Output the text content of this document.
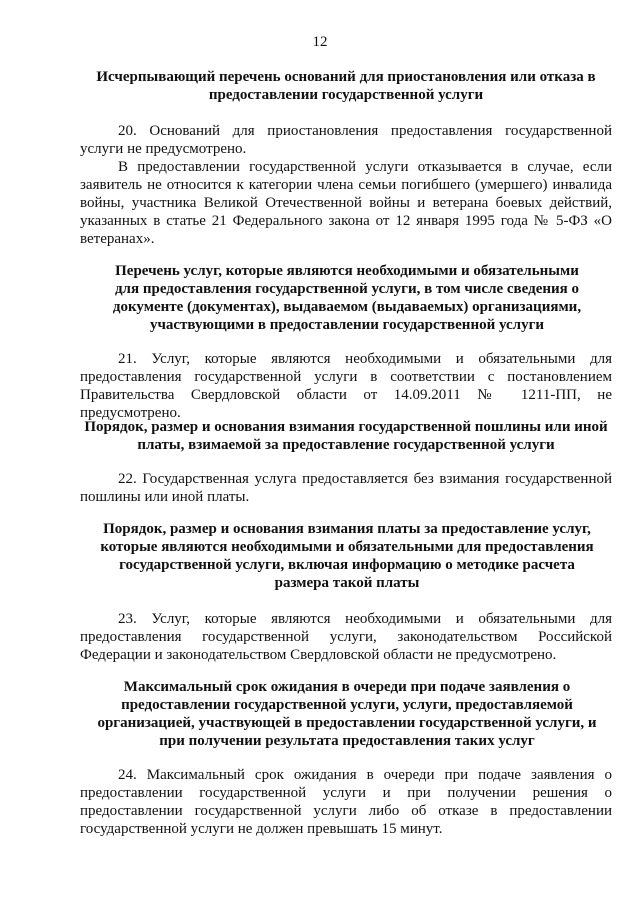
12
Исчерпывающий перечень оснований для приостановления или отказа в предоставлении государственной услуги

20. Оснований для приостановления предоставления государственной услуги не предусмотрено.

В предоставлении государственной услуги отказывается в случае, если заявитель не относится к категории члена семьи погибшего (умершего) инвалида войны, участника Великой Отечественной войны и ветерана боевых действий, указанных в статье 21 Федерального закона от 12 января 1995 года № 5-ФЗ «О ветеранах».

Перечень услуг, которые являются необходимыми и обязательными для предоставления государственной услуги, в том числе сведения о документе (документах), выдаваемом (выдаваемых) организациями, участвующими в предоставлении государственной услуги

21. Услуг, которые являются необходимыми и обязательными для предоставления государственной услуги в соответствии с постановлением Правительства Свердловской области от 14.09.2011 № 1211-ПП, не предусмотрено.

Порядок, размер и основания взимания государственной пошлины или иной платы, взимаемой за предоставление государственной услуги

22. Государственная услуга предоставляется без взимания государственной пошлины или иной платы.

Порядок, размер и основания взимания платы за предоставление услуг, которые являются необходимыми и обязательными для предоставления государственной услуги, включая информацию о методике расчета размера такой платы

23. Услуг, которые являются необходимыми и обязательными для предоставления государственной услуги, законодательством Российской Федерации и законодательством Свердловской области не предусмотрено.

Максимальный срок ожидания в очереди при подаче заявления о предоставлении государственной услуги, услуги, предоставляемой организацией, участвующей в предоставлении государственной услуги, и при получении результата предоставления таких услуг

24. Максимальный срок ожидания в очереди при подаче заявления о предоставлении государственной услуги и при получении решения о предоставлении государственной услуги либо об отказе в предоставлении государственной услуги не должен превышать 15 минут.
